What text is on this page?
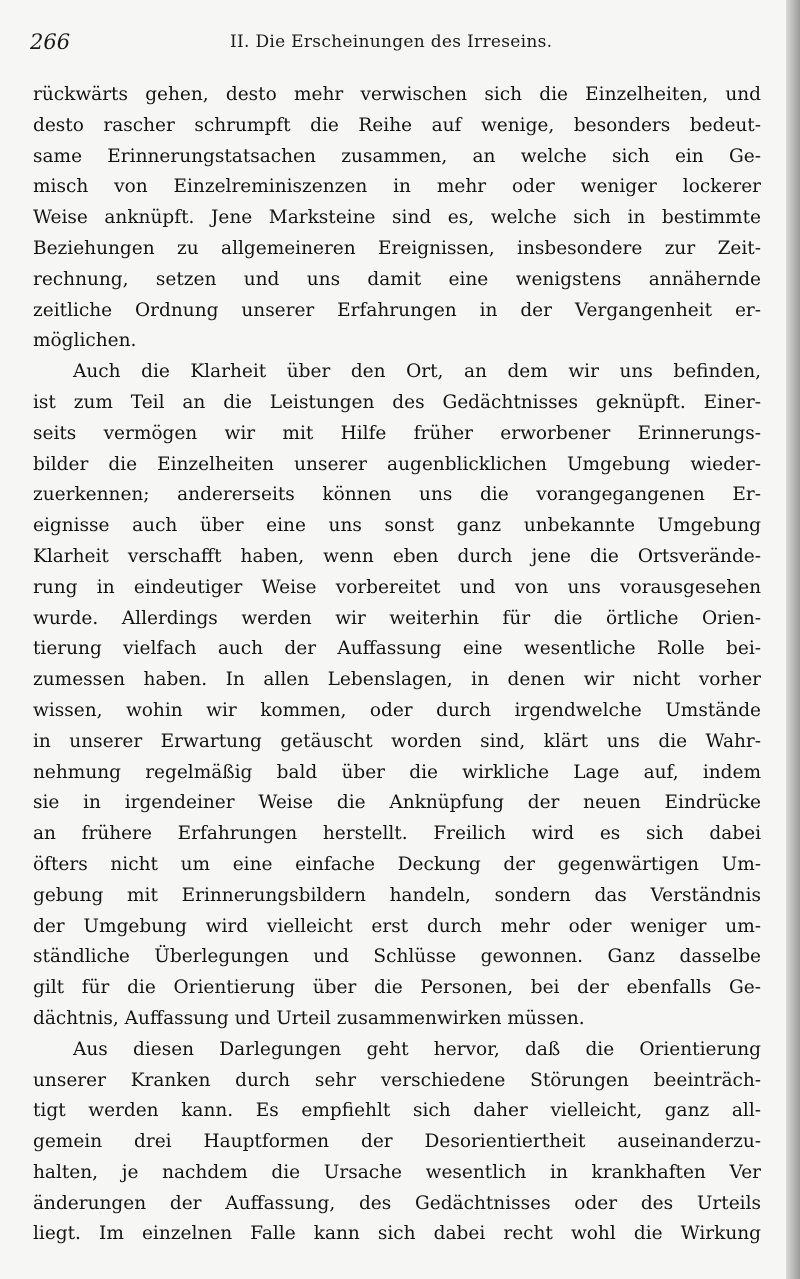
266	II. Die Erscheinungen des Irreseins.
rückwärts gehen, desto mehr verwischen sich die Einzelheiten, und
desto rascher schrumpft die Reihe auf wenige, besonders bedeut-
same Erinnerungstatsachen zusammen, an welche sich ein Ge-
misch von Einzelreminiszenzen in mehr oder weniger lockerer
Weise anknüpft. Jene Marksteine sind es, welche sich in bestimmte
Beziehungen zu allgemeineren Ereignissen, insbesondere zur Zeit-
rechnung, setzen und uns damit eine wenigstens annähernde
zeitliche Ordnung unserer Erfahrungen in der Vergangenheit er-
möglichen.
Auch die Klarheit über den Ort, an dem wir uns befinden,
ist zum Teil an die Leistungen des Gedächtnisses geknüpft. Einer-
seits vermögen wir mit Hilfe früher erworbener Erinnerungs-
bilder die Einzelheiten unserer augenblicklichen Umgebung wieder-
zuerkennen; andererseits können uns die vorangegangenen Er-
eignisse auch über eine uns sonst ganz unbekannte Umgebung
Klarheit verschafft haben, wenn eben durch jene die Ortsverände-
rung in eindeutiger Weise vorbereitet und von uns vorausgesehen
wurde. Allerdings werden wir weiterhin für die örtliche Orien-
tierung vielfach auch der Auffassung eine wesentliche Rolle bei-
zumessen haben. In allen Lebenslagen, in denen wir nicht vorher
wissen, wohin wir kommen, oder durch irgendwelche Umstände
in unserer Erwartung getäuscht worden sind, klärt uns die Wahr-
nehmung regelmäßig bald über die wirkliche Lage auf, indem
sie in irgendeiner Weise die Anknüpfung der neuen Eindrücke
an frühere Erfahrungen herstellt. Freilich wird es sich dabei
öfters nicht um eine einfache Deckung der gegenwärtigen Um-
gebung mit Erinnerungsbildern handeln, sondern das Verständnis
der Umgebung wird vielleicht erst durch mehr oder weniger um-
ständliche Überlegungen und Schlüsse gewonnen. Ganz dasselbe
gilt für die Orientierung über die Personen, bei der ebenfalls Ge-
dächtnis, Auffassung und Urteil zusammenwirken müssen.
Aus diesen Darlegungen geht hervor, daß die Orientierung
unserer Kranken durch sehr verschiedene Störungen beeinträch-
tigt werden kann. Es empfiehlt sich daher vielleicht, ganz all-
gemein drei Hauptformen der Desorientiertheit auseinanderzu-
halten, je nachdem die Ursache wesentlich in krankhaften Ver
änderungen der Auffassung, des Gedächtnisses oder des Urteils
liegt. Im einzelnen Falle kann sich dabei recht wohl die Wirkung
